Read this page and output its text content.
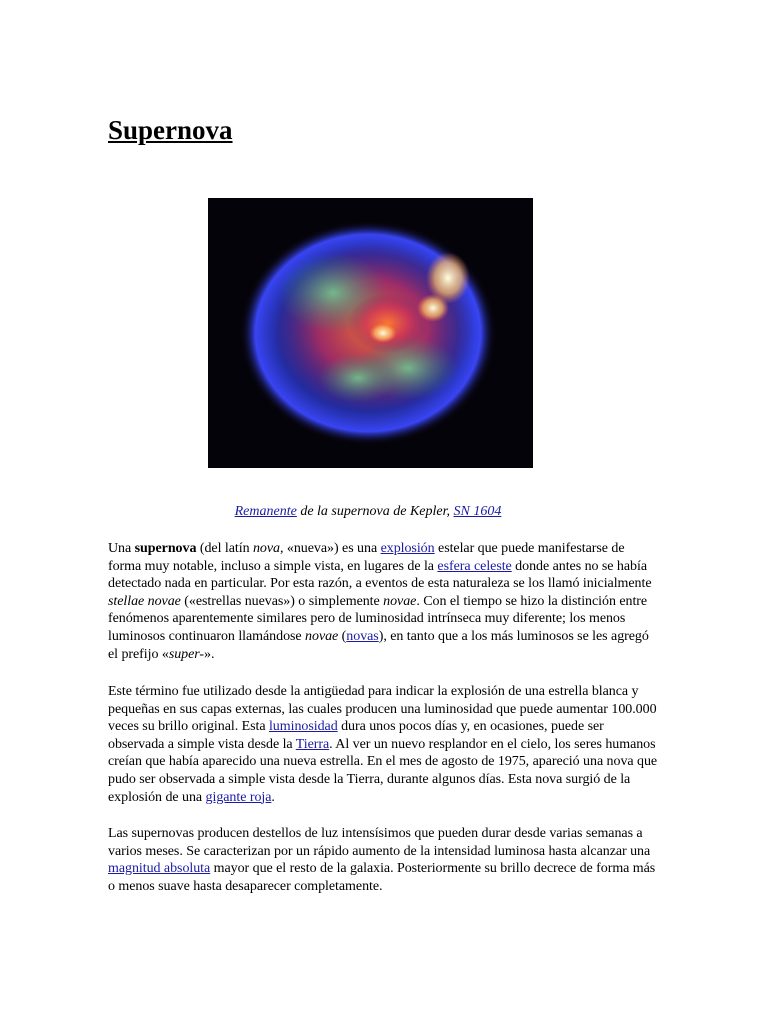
Supernova
Remanente de la supernova de Kepler, SN 1604

Una supernova (del latín nova, «nueva») es una explosión estelar que puede manifestarse de forma muy notable, incluso a simple vista, en lugares de la esfera celeste donde antes no se había detectado nada en particular. Por esta razón, a eventos de esta naturaleza se los llamó inicialmente stellae novae («estrellas nuevas») o simplemente novae. Con el tiempo se hizo la distinción entre fenómenos aparentemente similares pero de luminosidad intrínseca muy diferente; los menos luminosos continuaron llamándose novae (novas), en tanto que a los más luminosos se les agregó el prefijo «super-».

Este término fue utilizado desde la antigüedad para indicar la explosión de una estrella blanca y pequeñas en sus capas externas, las cuales producen una luminosidad que puede aumentar 100.000 veces su brillo original. Esta luminosidad dura unos pocos días y, en ocasiones, puede ser observada a simple vista desde la Tierra. Al ver un nuevo resplandor en el cielo, los seres humanos creían que había aparecido una nueva estrella. En el mes de agosto de 1975, apareció una nova que pudo ser observada a simple vista desde la Tierra, durante algunos días. Esta nova surgió de la explosión de una gigante roja.

Las supernovas producen destellos de luz intensísimos que pueden durar desde varias semanas a varios meses. Se caracterizan por un rápido aumento de la intensidad luminosa hasta alcanzar una magnitud absoluta mayor que el resto de la galaxia. Posteriormente su brillo decrece de forma más o menos suave hasta desaparecer completamente.
